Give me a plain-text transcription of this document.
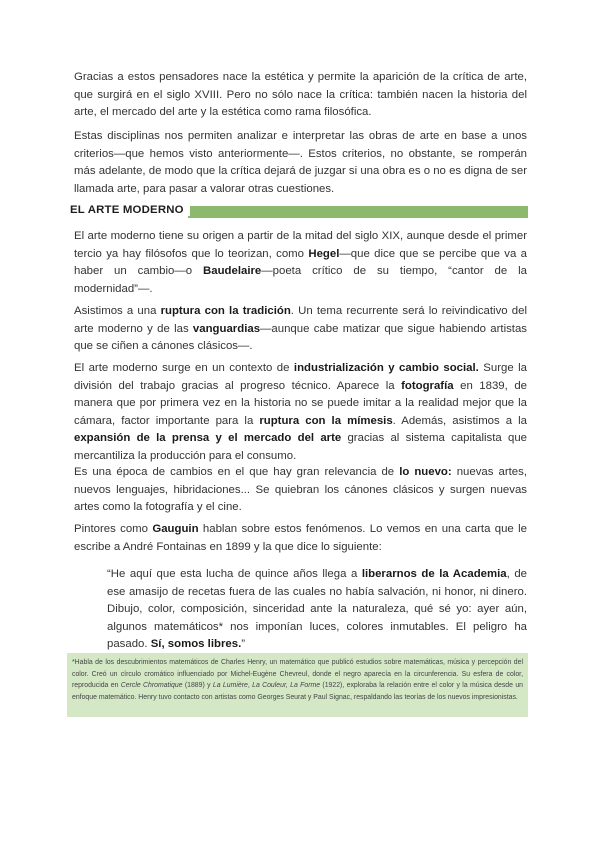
Gracias a estos pensadores nace la estética y permite la aparición de la crítica de arte, que surgirá en el siglo XVIII. Pero no sólo nace la crítica: también nacen la historia del arte, el mercado del arte y la estética como rama filosófica.

Estas disciplinas nos permiten analizar e interpretar las obras de arte en base a unos criterios—que hemos visto anteriormente—. Estos criterios, no obstante, se romperán más adelante, de modo que la crítica dejará de juzgar si una obra es o no es digna de ser llamada arte, para pasar a valorar otras cuestiones.

EL ARTE MODERNO

El arte moderno tiene su origen a partir de la mitad del siglo XIX, aunque desde el primer tercio ya hay filósofos que lo teorizan, como Hegel—que dice que se percibe que va a haber un cambio—o Baudelaire—poeta crítico de su tiempo, “cantor de la modernidad”—.

Asistimos a una ruptura con la tradición. Un tema recurrente será lo reivindicativo del arte moderno y de las vanguardias—aunque cabe matizar que sigue habiendo artistas que se ciñen a cánones clásicos—.

El arte moderno surge en un contexto de industrialización y cambio social. Surge la división del trabajo gracias al progreso técnico. Aparece la fotografía en 1839, de manera que por primera vez en la historia no se puede imitar a la realidad mejor que la cámara, factor importante para la ruptura con la mímesis. Además, asistimos a la expansión de la prensa y el mercado del arte gracias al sistema capitalista que mercantiliza la producción para el consumo.

Es una época de cambios en el que hay gran relevancia de lo nuevo: nuevas artes, nuevos lenguajes, hibridaciones... Se quiebran los cánones clásicos y surgen nuevas artes como la fotografía y el cine.

Pintores como Gauguin hablan sobre estos fenómenos. Lo vemos en una carta que le escribe a André Fontainas en 1899 y la que dice lo siguiente:

“He aquí que esta lucha de quince años llega a liberarnos de la Academia, de ese amasijo de recetas fuera de las cuales no había salvación, ni honor, ni dinero. Dibujo, color, composición, sinceridad ante la naturaleza, qué sé yo: ayer aún, algunos matemáticos* nos imponían luces, colores inmutables. El peligro ha pasado. Sí, somos libres.”
*Habla de los descubrimientos matemáticos de Charles Henry, un matemático que publicó estudios sobre matemáticas, música y percepción del color. Creó un círculo cromático influenciado por Michel-Eugène Chevreul, donde el negro aparecía en la circunferencia. Su esfera de color, reproducida en Cercle Chromatique (1889) y La Lumière, La Couleur, La Forme (1922), exploraba la relación entre el color y la música desde un enfoque matemático. Henry tuvo contacto con artistas como Georges Seurat y Paul Signac, respaldando las teorías de los nuevos impresionistas.
